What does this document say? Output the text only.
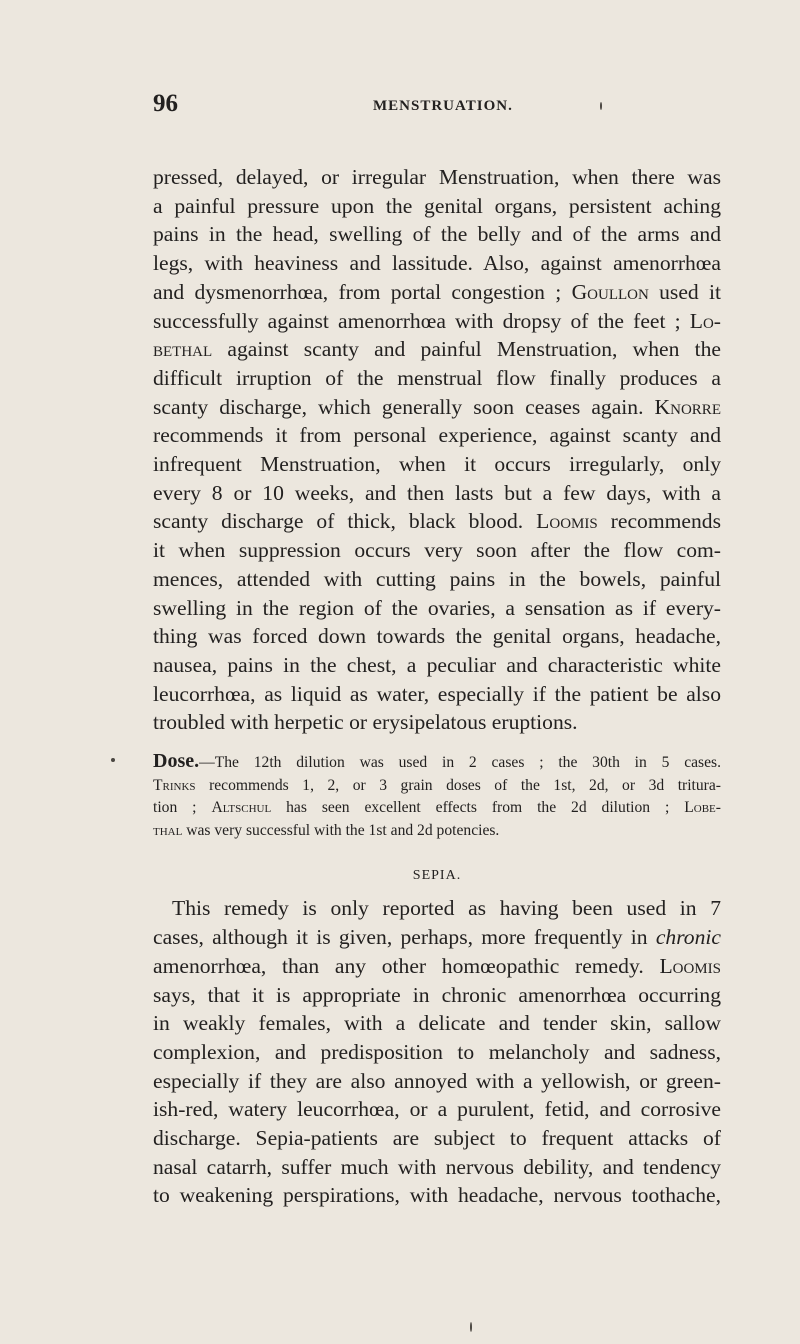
96	MENSTRUATION.

pressed, delayed, or irregular Menstruation, when there was
a painful pressure upon the genital organs, persistent aching
pains in the head, swelling of the belly and of the arms and
legs, with heaviness and lassitude. Also, against amenorrhœa
and dysmenorrhœa, from portal congestion ; Goullon used it
successfully against amenorrhœa with dropsy of the feet ; Lo-
bethal against scanty and painful Menstruation, when the
difficult irruption of the menstrual flow finally produces a
scanty discharge, which generally soon ceases again. Knorre
recommends it from personal experience, against scanty and
infrequent Menstruation, when it occurs irregularly, only
every 8 or 10 weeks, and then lasts but a few days, with a
scanty discharge of thick, black blood. Loomis recommends
it when suppression occurs very soon after the flow com-
mences, attended with cutting pains in the bowels, painful
swelling in the region of the ovaries, a sensation as if every-
thing was forced down towards the genital organs, headache,
nausea, pains in the chest, a peculiar and characteristic white
leucorrhœa, as liquid as water, especially if the patient be also
troubled with herpetic or erysipelatous eruptions.

Dose.—The 12th dilution was used in 2 cases ; the 30th in 5 cases.
Trinks recommends 1, 2, or 3 grain doses of the 1st, 2d, or 3d tritura-
tion ; Altschul has seen excellent effects from the 2d dilution ; Lobe-
thal was very successful with the 1st and 2d potencies.

SEPIA.

This remedy is only reported as having been used in 7
cases, although it is given, perhaps, more frequently in chronic
amenorrhœa, than any other homœopathic remedy. Loomis
says, that it is appropriate in chronic amenorrhœa occurring
in weakly females, with a delicate and tender skin, sallow
complexion, and predisposition to melancholy and sadness,
especially if they are also annoyed with a yellowish, or green-
ish-red, watery leucorrhœa, or a purulent, fetid, and corrosive
discharge. Sepia-patients are subject to frequent attacks of
nasal catarrh, suffer much with nervous debility, and tendency
to weakening perspirations, with headache, nervous toothache,
